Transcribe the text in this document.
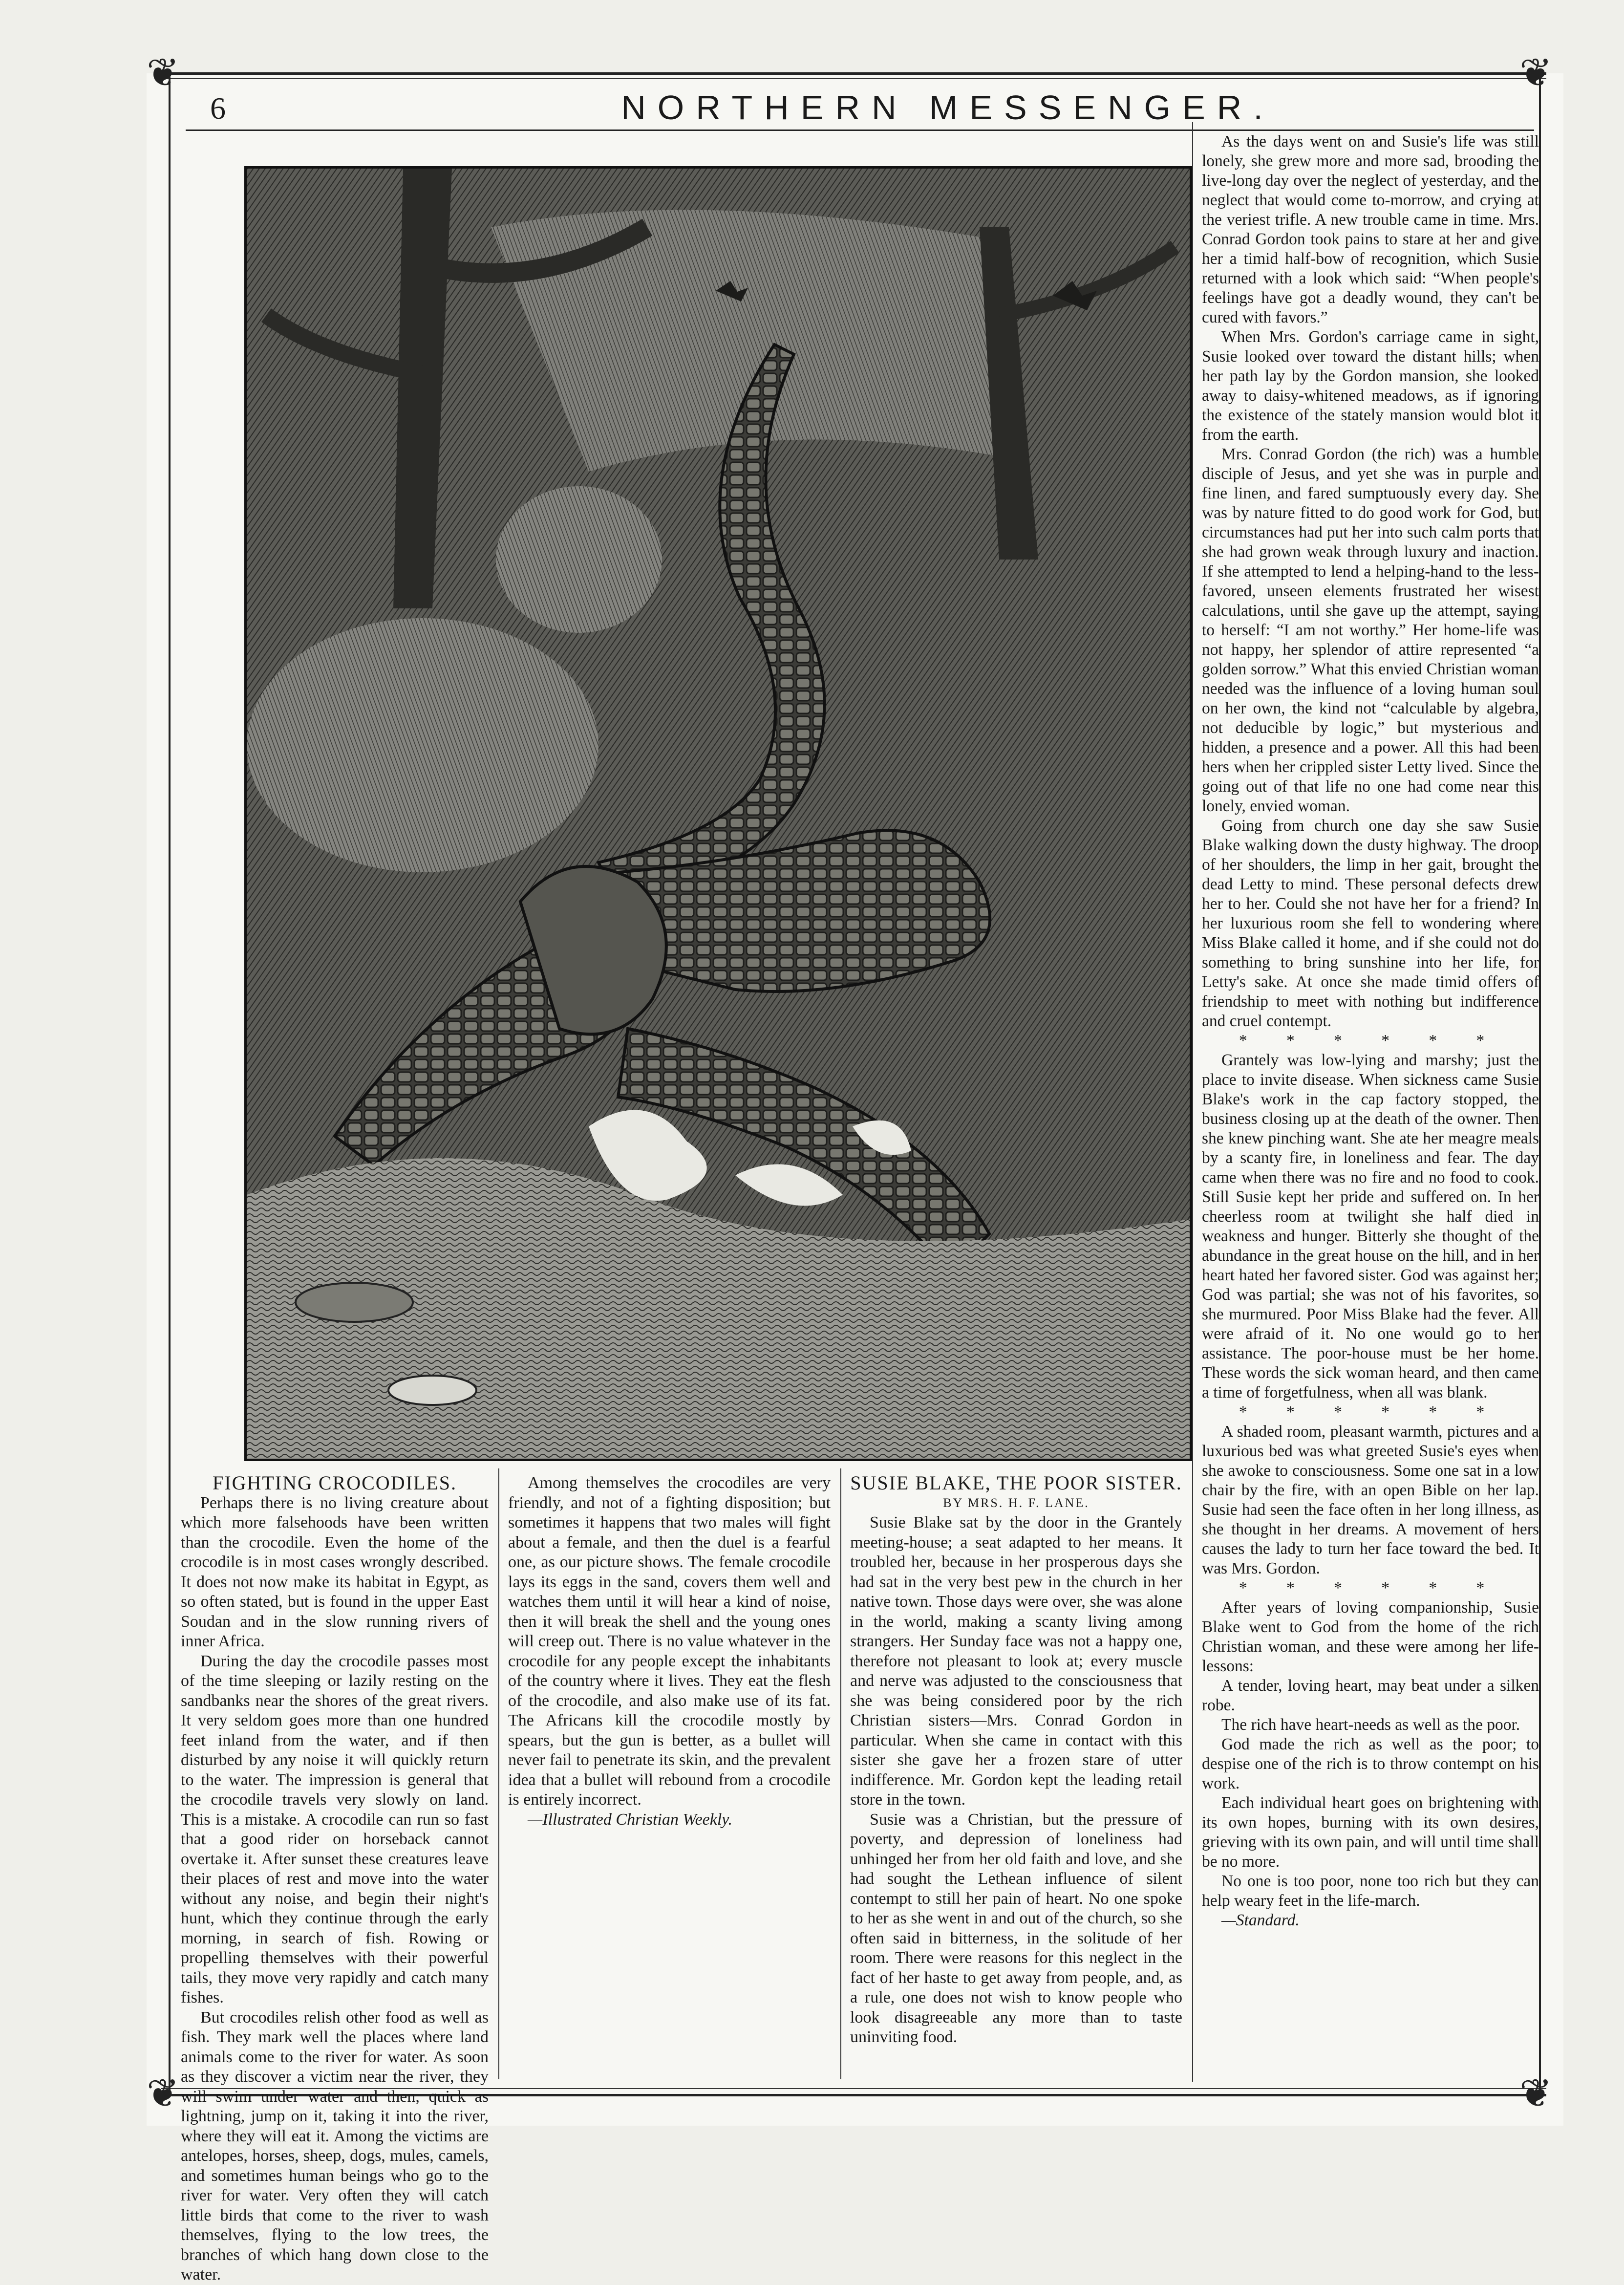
❦	❦
❦	❦
6	NORTHERN MESSENGER.

FIGHTING CROCODILES.

Perhaps there is no living creature about which more falsehoods have been written than the crocodile. Even the home of the crocodile is in most cases wrongly described. It does not now make its habitat in Egypt, as so often stated, but is found in the upper East Soudan and in the slow running rivers of inner Africa.

During the day the crocodile passes most of the time sleeping or lazily resting on the sandbanks near the shores of the great rivers. It very seldom goes more than one hundred feet inland from the water, and if then disturbed by any noise it will quickly return to the water. The impression is general that the crocodile travels very slowly on land. This is a mistake. A crocodile can run so fast that a good rider on horseback cannot overtake it. After sunset these creatures leave their places of rest and move into the water without any noise, and begin their night's hunt, which they continue through the early morning, in search of fish. Rowing or propelling themselves with their powerful tails, they move very rapidly and catch many fishes.

But crocodiles relish other food as well as fish. They mark well the places where land animals come to the river for water. As soon as they discover a victim near the river, they will swim under water and then, quick as lightning, jump on it, taking it into the river, where they will eat it. Among the victims are antelopes, horses, sheep, dogs, mules, camels, and sometimes human beings who go to the river for water. Very often they will catch little birds that come to the river to wash themselves, flying to the low trees, the branches of which hang down close to the water.

Among themselves the crocodiles are very friendly, and not of a fighting disposition; but sometimes it happens that two males will fight about a female, and then the duel is a fearful one, as our picture shows. The female crocodile lays its eggs in the sand, covers them well and watches them until it will hear a kind of noise, then it will break the shell and the young ones will creep out. There is no value whatever in the crocodile for any people except the inhabitants of the country where it lives. They eat the flesh of the crocodile, and also make use of its fat. The Africans kill the crocodile mostly by spears, but the gun is better, as a bullet will never fail to penetrate its skin, and the prevalent idea that a bullet will rebound from a crocodile is entirely incorrect.

—Illustrated Christian Weekly.

SUSIE BLAKE, THE POOR SISTER.

BY MRS. H. F. LANE.

Susie Blake sat by the door in the Grantely meeting-house; a seat adapted to her means. It troubled her, because in her prosperous days she had sat in the very best pew in the church in her native town. Those days were over, she was alone in the world, making a scanty living among strangers. Her Sunday face was not a happy one, therefore not pleasant to look at; every muscle and nerve was adjusted to the consciousness that she was being considered poor by the rich Christian sisters—Mrs. Conrad Gordon in particular. When she came in contact with this sister she gave her a frozen stare of utter indifference. Mr. Gordon kept the leading retail store in the town.

Susie was a Christian, but the pressure of poverty, and depression of loneliness had unhinged her from her old faith and love, and she had sought the Lethean influence of silent contempt to still her pain of heart. No one spoke to her as she went in and out of the church, so she often said in bitterness, in the solitude of her room. There were reasons for this neglect in the fact of her haste to get away from people, and, as a rule, one does not wish to know people who look disagreeable any more than to taste uninviting food.

As the days went on and Susie's life was still lonely, she grew more and more sad, brooding the live-long day over the neglect of yesterday, and the neglect that would come to-morrow, and crying at the veriest trifle. A new trouble came in time. Mrs. Conrad Gordon took pains to stare at her and give her a timid half-bow of recognition, which Susie returned with a look which said: “When people's feelings have got a deadly wound, they can't be cured with favors.”

When Mrs. Gordon's carriage came in sight, Susie looked over toward the distant hills; when her path lay by the Gordon mansion, she looked away to daisy-whitened meadows, as if ignoring the existence of the stately mansion would blot it from the earth.

Mrs. Conrad Gordon (the rich) was a humble disciple of Jesus, and yet she was in purple and fine linen, and fared sumptuously every day. She was by nature fitted to do good work for God, but circumstances had put her into such calm ports that she had grown weak through luxury and inaction. If she attempted to lend a helping-hand to the less-favored, unseen elements frustrated her wisest calculations, until she gave up the attempt, saying to herself: “I am not worthy.” Her home-life was not happy, her splendor of attire represented “a golden sorrow.” What this envied Christian woman needed was the influence of a loving human soul on her own, the kind not “calculable by algebra, not deducible by logic,” but mysterious and hidden, a presence and a power. All this had been hers when her crippled sister Letty lived. Since the going out of that life no one had come near this lonely, envied woman.

Going from church one day she saw Susie Blake walking down the dusty highway. The droop of her shoulders, the limp in her gait, brought the dead Letty to mind. These personal defects drew her to her. Could she not have her for a friend? In her luxurious room she fell to wondering where Miss Blake called it home, and if she could not do something to bring sunshine into her life, for Letty's sake. At once she made timid offers of friendship to meet with nothing but indifference and cruel contempt.

* * * * * *

Grantely was low-lying and marshy; just the place to invite disease. When sickness came Susie Blake's work in the cap factory stopped, the business closing up at the death of the owner. Then she knew pinching want. She ate her meagre meals by a scanty fire, in loneliness and fear. The day came when there was no fire and no food to cook. Still Susie kept her pride and suffered on. In her cheerless room at twilight she half died in weakness and hunger. Bitterly she thought of the abundance in the great house on the hill, and in her heart hated her favored sister. God was against her; God was partial; she was not of his favorites, so she murmured. Poor Miss Blake had the fever. All were afraid of it. No one would go to her assistance. The poor-house must be her home. These words the sick woman heard, and then came a time of forgetfulness, when all was blank.

* * * * * *

A shaded room, pleasant warmth, pictures and a luxurious bed was what greeted Susie's eyes when she awoke to consciousness. Some one sat in a low chair by the fire, with an open Bible on her lap. Susie had seen the face often in her long illness, as she thought in her dreams. A movement of hers causes the lady to turn her face toward the bed. It was Mrs. Gordon.

* * * * * *

After years of loving companionship, Susie Blake went to God from the home of the rich Christian woman, and these were among her life-lessons:

A tender, loving heart, may beat under a silken robe.

The rich have heart-needs as well as the poor.

God made the rich as well as the poor; to despise one of the rich is to throw contempt on his work.

Each individual heart goes on brightening with its own hopes, burning with its own desires, grieving with its own pain, and will until time shall be no more.

No one is too poor, none too rich but they can help weary feet in the life-march.

—Standard.
